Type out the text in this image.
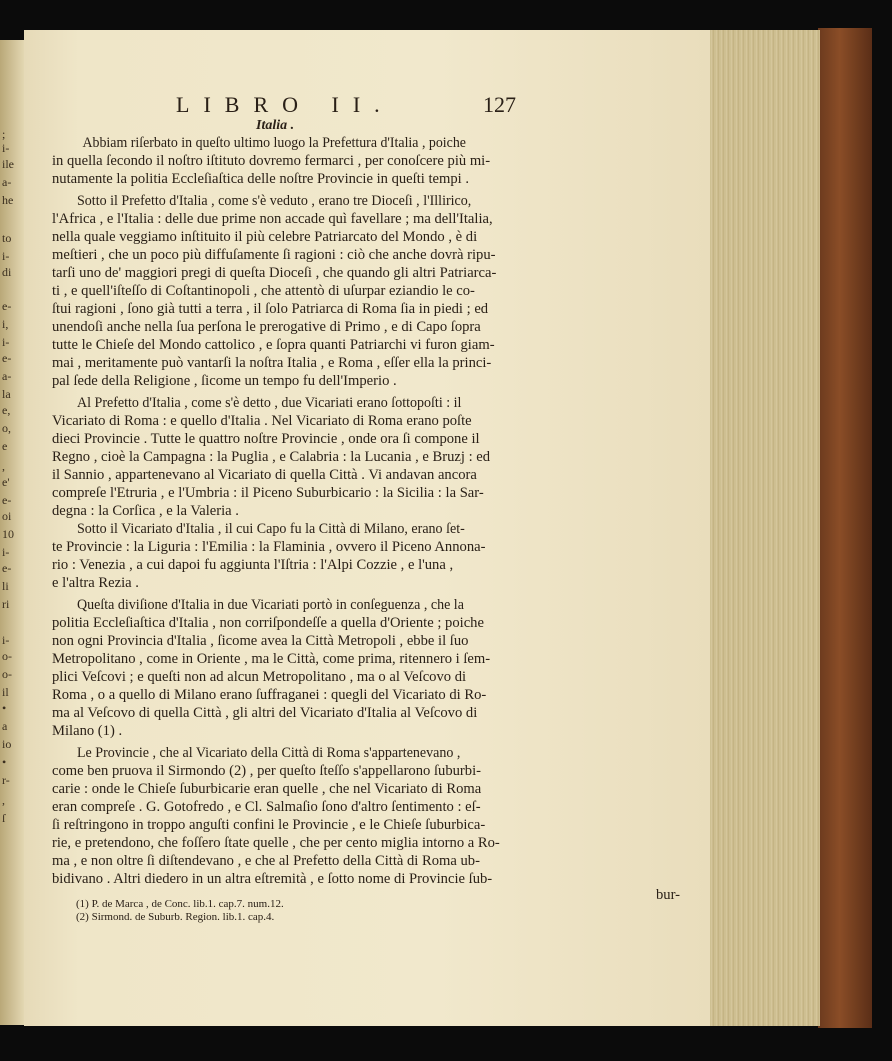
;
i-
ile
a-
he
to
i-
di
e-
i,
i-
e-
a-
la
e,
o,
e
,
e'
e-
oi
10
i-
e-
li
ri
i-
o-
o-
il
•
a
io
•
r-
,
ſ
LIBRO II.	127
Italia .
Abbiam riſerbato in queſto ultimo luogo la Prefettura d'Italia , poiche
in quella ſecondo il noſtro iſtituto dovremo fermarci , per conoſcere più mi-
nutamente la politia Eccleſiaſtica delle noſtre Provincie in queſti tempi .
Sotto il Prefetto d'Italia , come s'è veduto , erano tre Dioceſi , l'Illirico,
l'Africa , e l'Italia : delle due prime non accade quì favellare ; ma dell'Italia,
nella quale veggiamo inſtituito il più celebre Patriarcato del Mondo , è di
meſtieri , che un poco più diffuſamente ſi ragioni : ciò che anche dovrà ripu-
tarſi uno de' maggiori pregi di queſta Dioceſi , che quando gli altri Patriarca-
ti , e quell'iſteſſo di Coſtantinopoli , che attentò di uſurpar eziandio le co-
ſtui ragioni , ſono già tutti a terra , il ſolo Patriarca di Roma ſia in piedi ; ed
unendoſi anche nella ſua perſona le prerogative di Primo , e di Capo ſopra
tutte le Chieſe del Mondo cattolico , e ſopra quanti Patriarchi vi furon giam-
mai , meritamente può vantarſi la noſtra Italia , e Roma , eſſer ella la princi-
pal ſede della Religione , ſicome un tempo fu dell'Imperio .
Al Prefetto d'Italia , come s'è detto , due Vicariati erano ſottopoſti : il
Vicariato di Roma : e quello d'Italia . Nel Vicariato di Roma erano poſte
dieci Provincie . Tutte le quattro noſtre Provincie , onde ora ſi compone il
Regno , cioè la Campagna : la Puglia , e Calabria : la Lucania , e Bruzj : ed
il Sannio , appartenevano al Vicariato di quella Città . Vi andavan ancora
compreſe l'Etruria , e l'Umbria : il Piceno Suburbicario : la Sicilia : la Sar-
degna : la Corſica , e la Valeria .
Sotto il Vicariato d'Italia , il cui Capo fu la Città di Milano, erano ſet-
te Provincie : la Liguria : l'Emilia : la Flaminia , ovvero il Piceno Annona-
rio : Venezia , a cui dapoi fu aggiunta l'Iſtria : l'Alpi Cozzie , e l'una ,
e l'altra Rezia .
Queſta diviſione d'Italia in due Vicariati portò in conſeguenza , che la
politia Eccleſiaſtica d'Italia , non corriſpondeſſe a quella d'Oriente ; poiche
non ogni Provincia d'Italia , ſicome avea la Città Metropoli , ebbe il ſuo
Metropolitano , come in Oriente , ma le Città, come prima, ritennero i ſem-
plici Veſcovi ; e queſti non ad alcun Metropolitano , ma o al Veſcovo di
Roma , o a quello di Milano erano ſuffraganei : quegli del Vicariato di Ro-
ma al Veſcovo di quella Città , gli altri del Vicariato d'Italia al Veſcovo di
Milano (1) .
Le Provincie , che al Vicariato della Città di Roma s'appartenevano ,
come ben pruova il Sirmondo (2) , per queſto ſteſſo s'appellarono ſuburbi-
carie : onde le Chieſe ſuburbicarie eran quelle , che nel Vicariato di Roma
eran compreſe . G. Gotofredo , e Cl. Salmaſio ſono d'altro ſentimento : eſ-
ſi reſtringono in troppo anguſti confini le Provincie , e le Chieſe ſuburbica-
rie, e pretendono, che foſſero ſtate quelle , che per cento miglia intorno a Ro-
ma , e non oltre ſi diſtendevano , e che al Prefetto della Città di Roma ub-
bidivano . Altri diedero in un altra eſtremità , e ſotto nome di Provincie ſub-
bur-
(1) P. de Marca , de Conc. lib.1. cap.7. num.12.
(2) Sirmond. de Suburb. Region. lib.1. cap.4.
